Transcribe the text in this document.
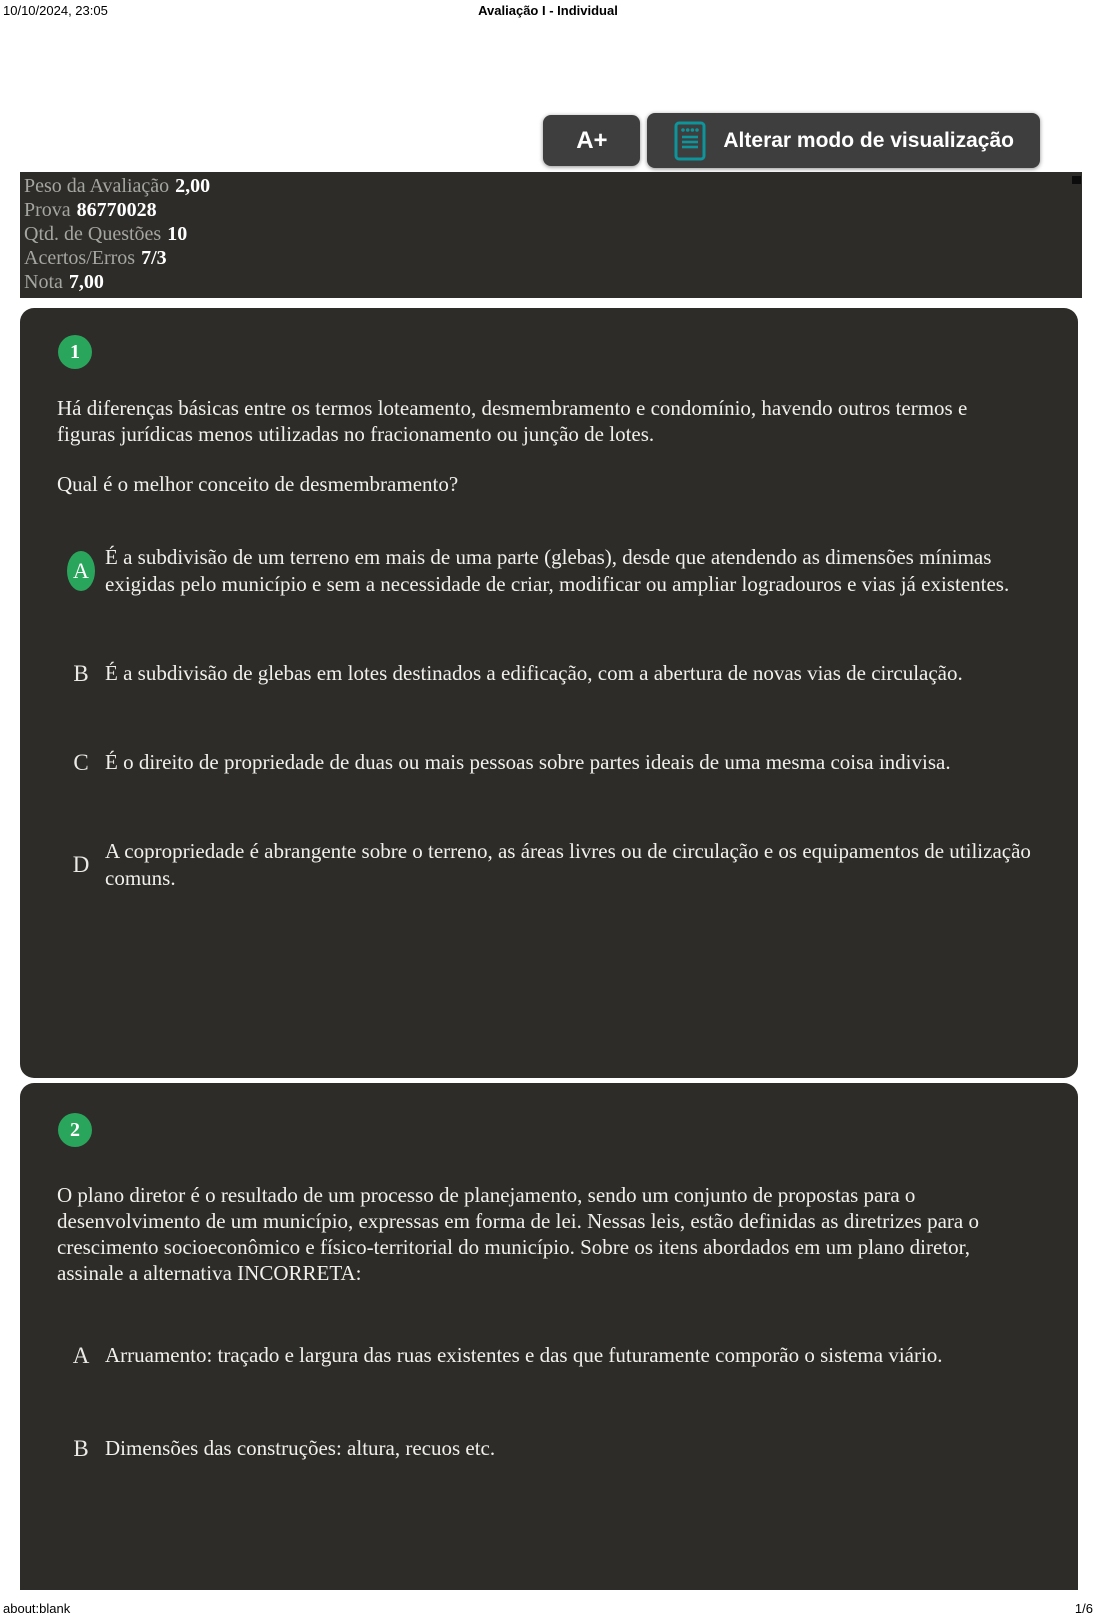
10/10/2024, 23:05	Avaliação I - Individual
A+	Alterar modo de visualização
Peso da Avaliação 2,00
Prova 86770028
Qtd. de Questões 10
Acertos/Erros 7/3
Nota 7,00
1

Há diferenças básicas entre os termos loteamento, desmembramento e condomínio, havendo outros termos e figuras jurídicas menos utilizadas no fracionamento ou junção de lotes.

Qual é o melhor conceito de desmembramento?

A
É a subdivisão de um terreno em mais de uma parte (glebas), desde que atendendo as dimensões mínimas exigidas pelo município e sem a necessidade de criar, modificar ou ampliar logradouros e vias já existentes.
B É a subdivisão de glebas em lotes destinados a edificação, com a abertura de novas vias de circulação.
C É o direito de propriedade de duas ou mais pessoas sobre partes ideais de uma mesma coisa indivisa.
D
A copropriedade é abrangente sobre o terreno, as áreas livres ou de circulação e os equipamentos de utilização comuns.
2

O plano diretor é o resultado de um processo de planejamento, sendo um conjunto de propostas para o desenvolvimento de um município, expressas em forma de lei. Nessas leis, estão definidas as diretrizes para o crescimento socioeconômico e físico-territorial do município. Sobre os itens abordados em um plano diretor, assinale a alternativa INCORRETA:

A Arruamento: traçado e largura das ruas existentes e das que futuramente comporão o sistema viário.
B Dimensões das construções: altura, recuos etc.
about:blank	1/6
